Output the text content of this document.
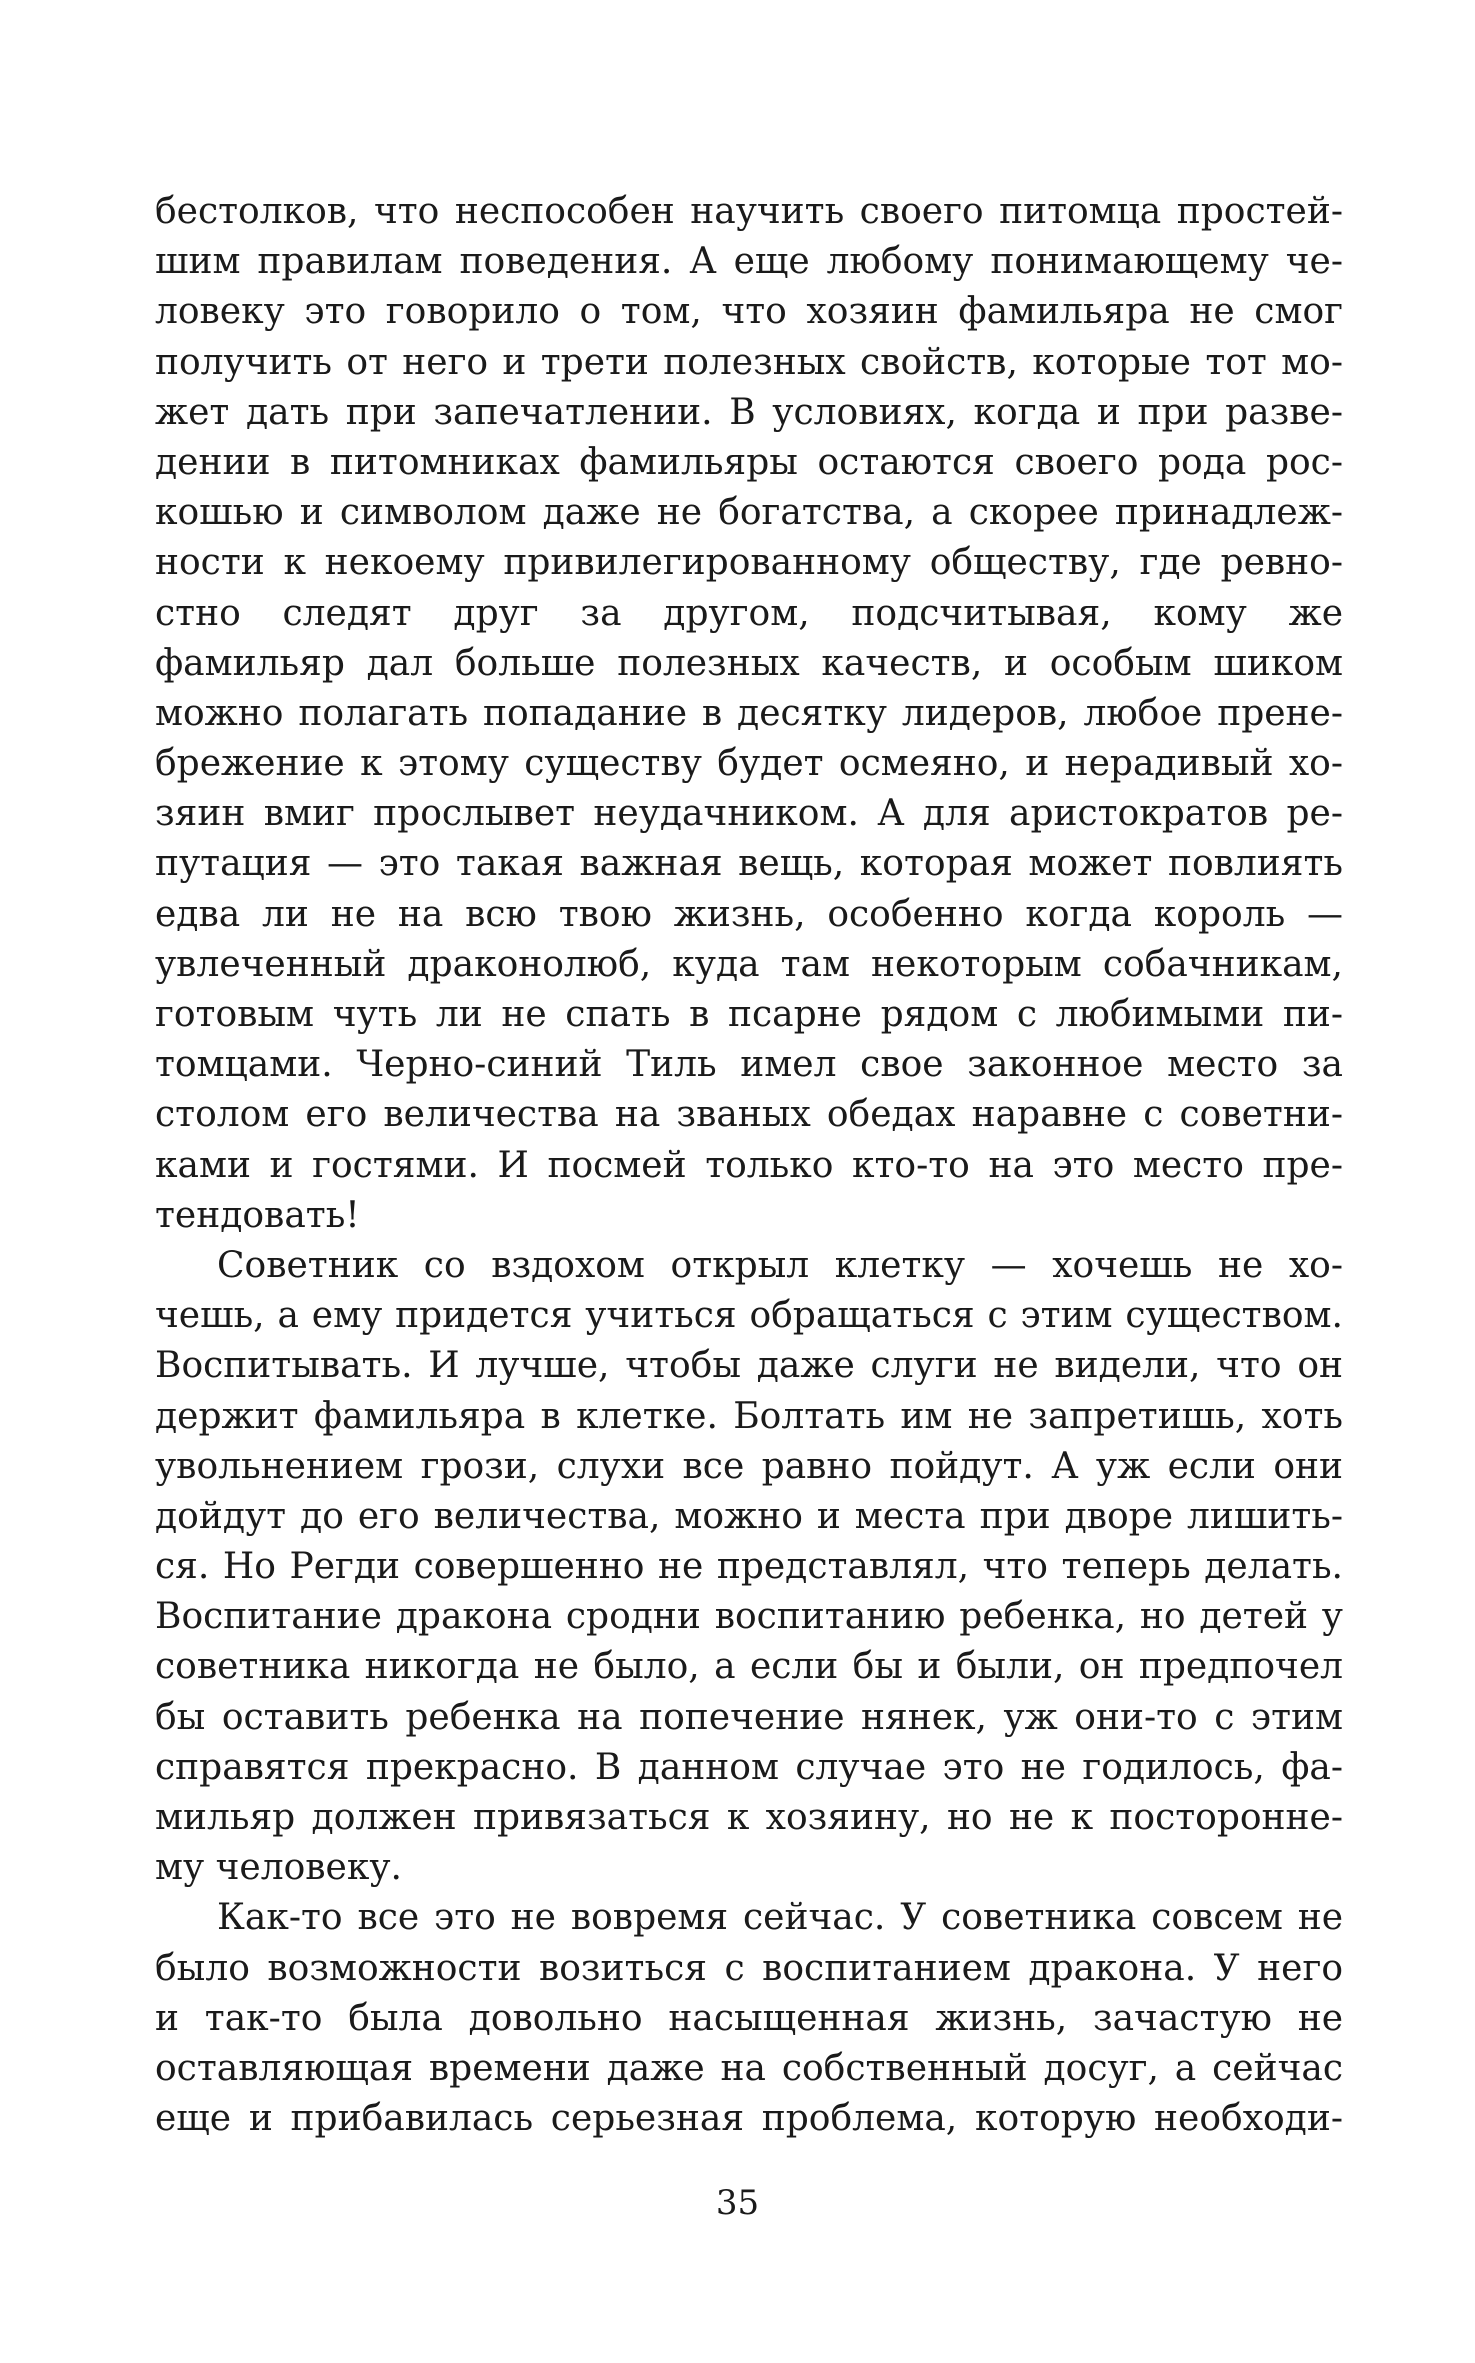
бестолков, что неспособен научить своего питомца простей-
шим правилам поведения. А еще любому понимающему че-
ловеку это говорило о том, что хозяин фамильяра не смог
получить от него и трети полезных свойств, которые тот мо-
жет дать при запечатлении. В условиях, когда и при разве-
дении в питомниках фамильяры остаются своего рода рос-
кошью и символом даже не богатства, а скорее принадлеж-
ности к некоему привилегированному обществу, где ревно-
стно следят друг за другом, подсчитывая, кому же
фамильяр дал больше полезных качеств, и особым шиком
можно полагать попадание в десятку лидеров, любое прене-
брежение к этому существу будет осмеяно, и нерадивый хо-
зяин вмиг прослывет неудачником. А для аристократов ре-
путация — это такая важная вещь, которая может повлиять
едва ли не на всю твою жизнь, особенно когда король —
увлеченный драконолюб, куда там некоторым собачникам,
готовым чуть ли не спать в псарне рядом с любимыми пи-
томцами. Черно-синий Тиль имел свое законное место за
столом его величества на званых обедах наравне с советни-
ками и гостями. И посмей только кто-то на это место пре-
тендовать!
Советник со вздохом открыл клетку — хочешь не хо-
чешь, а ему придется учиться обращаться с этим существом.
Воспитывать. И лучше, чтобы даже слуги не видели, что он
держит фамильяра в клетке. Болтать им не запретишь, хоть
увольнением грози, слухи все равно пойдут. А уж если они
дойдут до его величества, можно и места при дворе лишить-
ся. Но Регди совершенно не представлял, что теперь делать.
Воспитание дракона сродни воспитанию ребенка, но детей у
советника никогда не было, а если бы и были, он предпочел
бы оставить ребенка на попечение нянек, уж они-то с этим
справятся прекрасно. В данном случае это не годилось, фа-
мильяр должен привязаться к хозяину, но не к постороннe-
му человеку.
Как-то все это не вовремя сейчас. У советника совсем не
было возможности возиться с воспитанием дракона. У него
и так-то была довольно насыщенная жизнь, зачастую не
оставляющая времени даже на собственный досуг, а сейчас
еще и прибавилась серьезная проблема, которую необходи-
35
